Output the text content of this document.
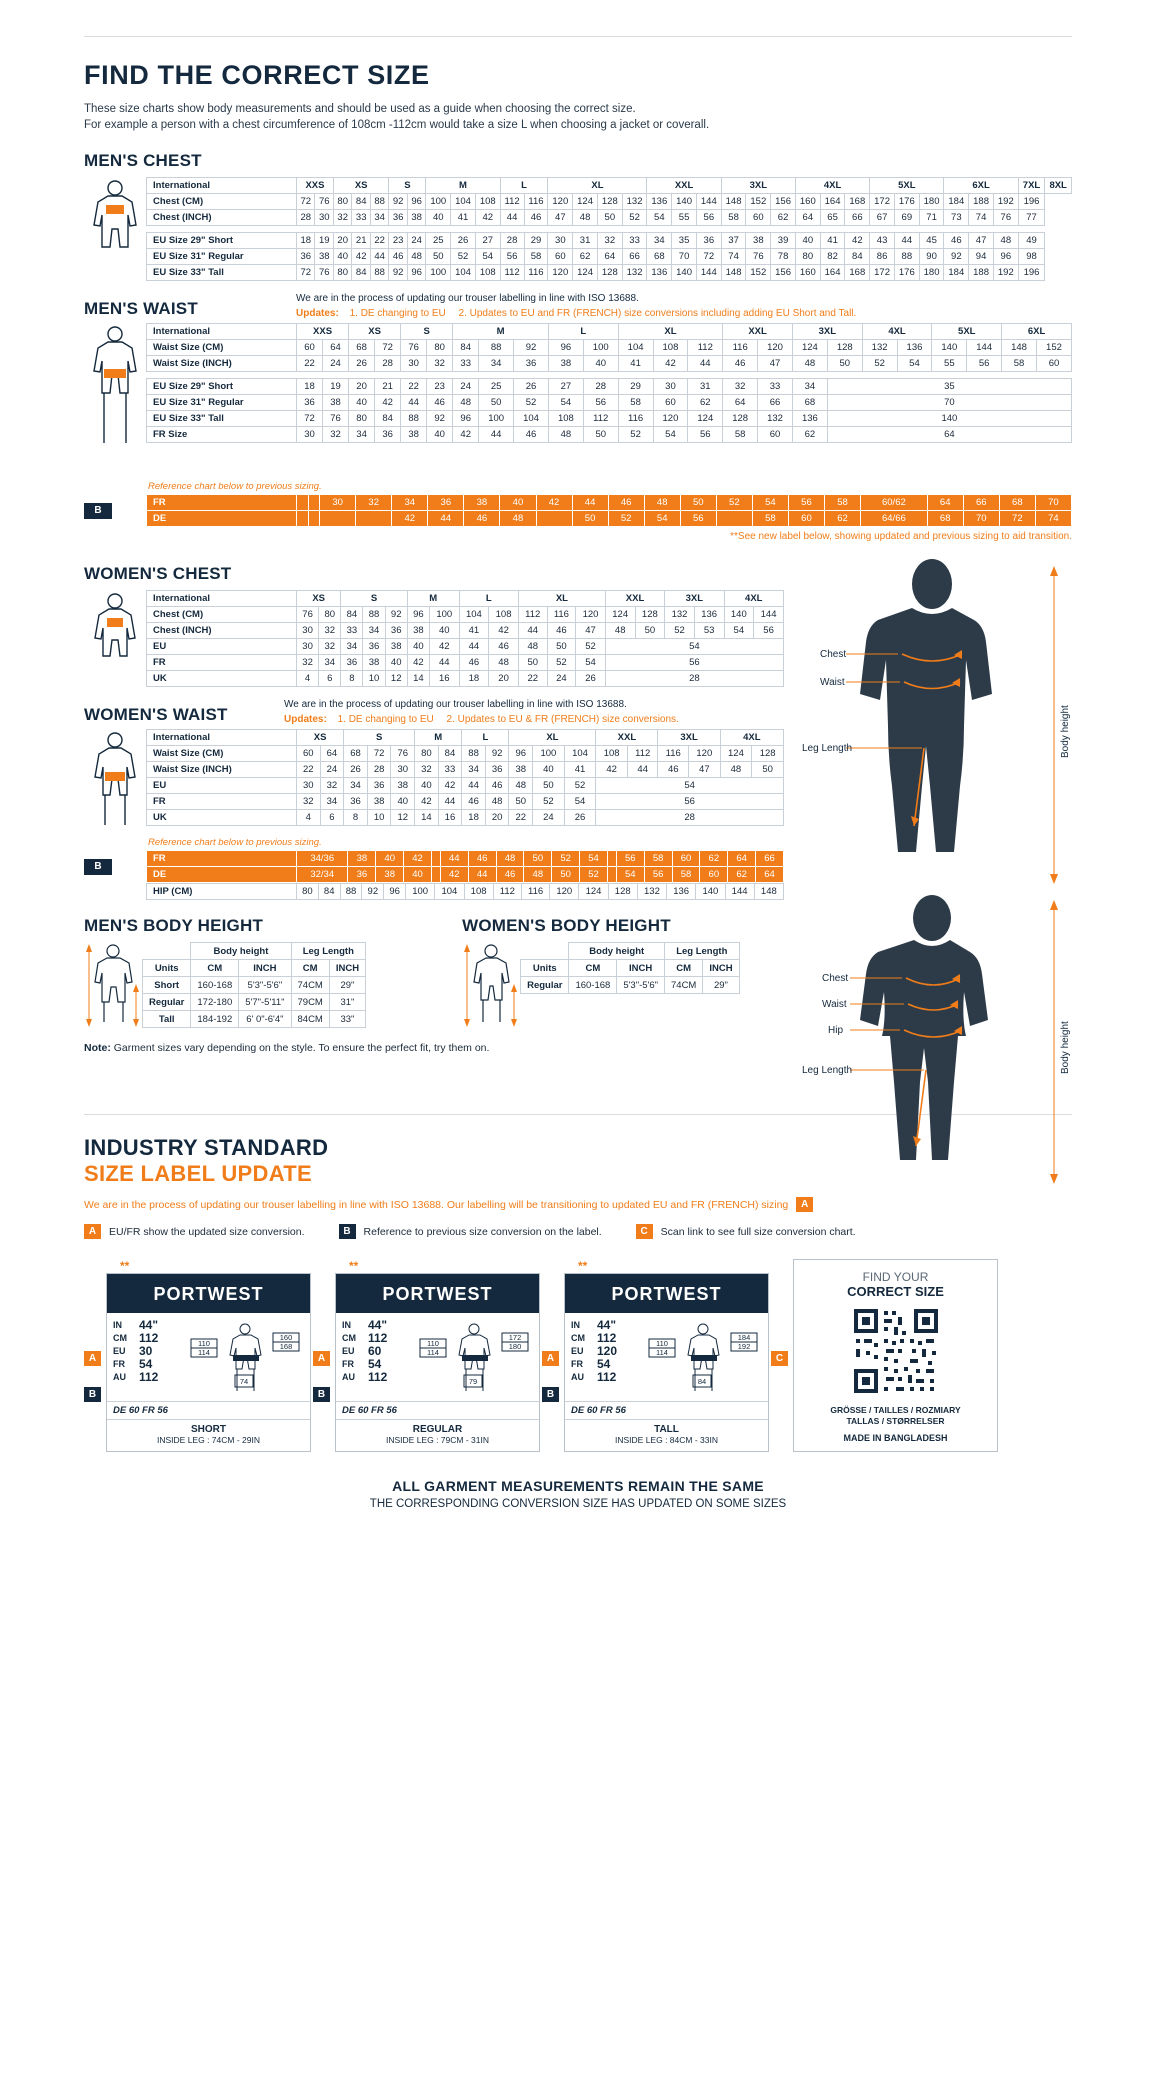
FIND THE CORRECT SIZE
These size charts show body measurements and should be used as a guide when choosing the correct size.
For example a person with a chest circumference of 108cm -112cm would take a size L when choosing a jacket or coverall.
MEN'S CHEST
International	XXS		XS			S		M			L		XL				XXL			3XL			4XL			5XL			6XL			7XL	8XL
Chest (CM)	72	76	80	84	88	92	96	100	104	108	112	116	120	124	128	132	136	140	144	148	152	156	160	164	168	172	176	180	184	188	192	196	
Chest (INCH)	28	30	32	33	34	36	38	40	41	42	44	46	47	48	50	52	54	55	56	58	60	62	64	65	66	67	69	71	73	74	76	77	

EU Size 29" Short	18	19	20	21	22	23	24	25	26	27	28	29	30	31	32	33	34	35	36	37	38	39	40	41	42	43	44	45	46	47	48	49	
EU Size 31" Regular	36	38	40	42	44	46	48	50	52	54	56	58	60	62	64	66	68	70	72	74	76	78	80	82	84	86	88	90	92	94	96	98	
EU Size 33" Tall	72	76	80	84	88	92	96	100	104	108	112	116	120	124	128	132	136	140	144	148	152	156	160	164	168	172	176	180	184	188	192	196	
MEN'S WAIST
We are in the process of updating our trouser labelling in line with ISO 13688.
Updates: 1. DE changing to EU 2. Updates to EU and FR (FRENCH) size conversions including adding EU Short and Tall.
International	XXS		XS		S		M			L		XL			XXL		3XL		4XL		5XL		6XL	
Waist Size (CM)	60	64	68	72	76	80	84	88	92	96	100	104	108	112	116	120	124	128	132	136	140	144	148	152
Waist Size (INCH)	22	24	26	28	30	32	33	34	36	38	40	41	42	44	46	47	48	50	52	54	55	56	58	60

EU Size 29" Short	18	19	20	21	22	23	24	25	26	27	28	29	30	31	32	33	34	35						
EU Size 31" Regular	36	38	40	42	44	46	48	50	52	54	56	58	60	62	64	66	68	70						
EU Size 33" Tall	72	76	80	84	88	92	96	100	104	108	112	116	120	124	128	132	136	140						
FR Size	30	32	34	36	38	40	42	44	46	48	50	52	54	56	58	60	62	64						
Reference chart below to previous sizing.
B
FR			30	32	34	36	38	40	42	44	46	48	50	52	54	56	58	60/62	64	66	68	70
DE					42	44	46	48		50	52	54	56		58	60	62	64/66	68	70	72	74
**See new label below, showing updated and previous sizing to aid transition.
Chest
Waist
Leg Length	Body height
WOMEN'S CHEST
International	XS		S			M		L		XL			XXL		3XL		4XL	
Chest (CM)	76	80	84	88	92	96	100	104	108	112	116	120	124	128	132	136	140	144
Chest (INCH)	30	32	33	34	36	38	40	41	42	44	46	47	48	50	52	53	54	56
EU	30	32	34	36	38	40	42	44	46	48	50	52	54					
FR	32	34	36	38	40	42	44	46	48	50	52	54	56					
UK	4	6	8	10	12	14	16	18	20	22	24	26	28					
WOMEN'S WAIST
We are in the process of updating our trouser labelling in line with ISO 13688.
Updates: 1. DE changing to EU 2. Updates to EU & FR (FRENCH) size conversions.
International	XS		S			M		L		XL			XXL		3XL		4XL	
Waist Size (CM)	60	64	68	72	76	80	84	88	92	96	100	104	108	112	116	120	124	128
Waist Size (INCH)	22	24	26	28	30	32	33	34	36	38	40	41	42	44	46	47	48	50
EU	30	32	34	36	38	40	42	44	46	48	50	52	54					
FR	32	34	36	38	40	42	44	46	48	50	52	54	56					
UK	4	6	8	10	12	14	16	18	20	22	24	26	28					
Reference chart below to previous sizing.
B
FR	34/36	38	40	42		44	46	48	50	52	54		56	58	60	62	64	66
DE	32/34	36	38	40		42	44	46	48	50	52		54	56	58	60	62	64
HIP (CM)	80	84	88	92	96	100	104	108	112	116	120	124	128	132	136	140	144	148
Chest
Waist
Hip
Leg Length	Body height
MEN'S BODY HEIGHT
	Body height		Leg Length	
Units	CM	INCH	CM	INCH
Short	160-168	5'3"-5'6"	74CM	29"
Regular	172-180	5'7"-5'11"	79CM	31"
Tall	184-192	6' 0"-6'4"	84CM	33"
WOMEN'S BODY HEIGHT
	Body height		Leg Length	
Units	CM	INCH	CM	INCH
Regular	160-168	5'3"-5'6"	74CM	29"
Note: Garment sizes vary depending on the style. To ensure the perfect fit, try them on.
INDUSTRY STANDARD
SIZE LABEL UPDATE
We are in the process of updating our trouser labelling in line with ISO 13688. Our labelling will be transitioning to updated EU and FR (FRENCH) sizing	A
A	EU/FR show the updated size conversion.	B	Reference to previous size conversion on the label.	C	Scan link to see full size conversion chart.
**
A
B
PORTWEST
IN	44"
CM	112
EU	30
FR	54
AU	112
110
114
160
168
74
DE 60 FR 56
SHORT
INSIDE LEG : 74CM - 29IN
**
A
B
PORTWEST
IN	44"
CM	112
EU	60
FR	54
AU	112
110
114
172
180
79
DE 60 FR 56
REGULAR
INSIDE LEG : 79CM - 31IN
**
A
B
PORTWEST
IN	44"
CM	112
EU	120
FR	54
AU	112
110
114
184
192
84
DE 60 FR 56
TALL
INSIDE LEG : 84CM - 33IN
C
FIND YOUR
CORRECT SIZE
GRÖSSE / TAILLES / ROZMIARY
TALLAS / STØRRELSER
MADE IN BANGLADESH
ALL GARMENT MEASUREMENTS REMAIN THE SAME
THE CORRESPONDING CONVERSION SIZE HAS UPDATED ON SOME SIZES
